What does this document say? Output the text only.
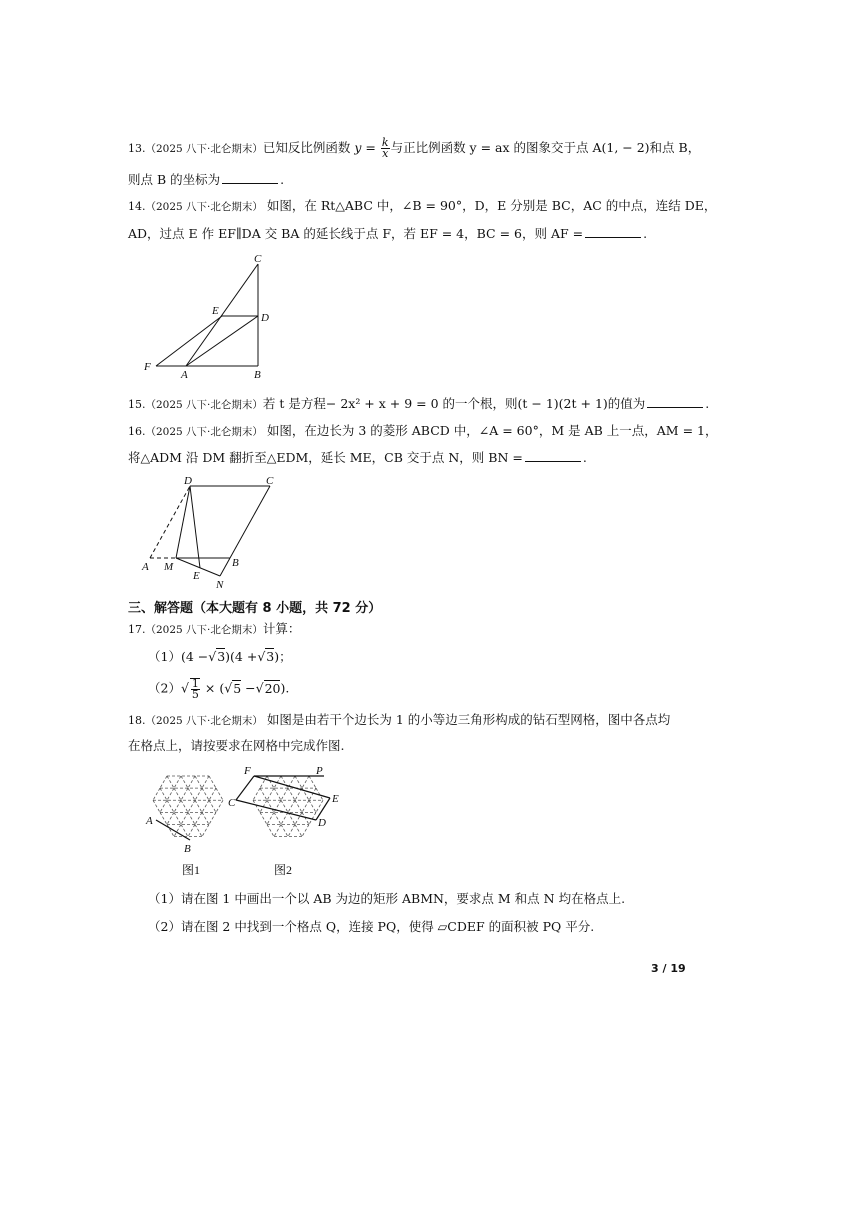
13.（2025 八下·北仑期末）已知反比例函数 $y = \frac{k}{x}$ 与正比例函数 y = ax 的图象交于点 A(1, − 2)和点 B，
则点 B 的坐标为	.
14.（2025 八下·北仑期末） 如图，在 Rt△ABC 中，∠B = 90°，D，E 分别是 BC，AC 的中点，连结 DE，
AD，过点 E 作 EF∥DA 交 BA 的延长线于点 F，若 EF = 4，BC = 6，则 AF =	.
C
E
D
F
A	B
15.（2025 八下·北仑期末）若 t 是方程− 2x² + x + 9 = 0 的一个根，则(t − 1)(2t + 1)的值为	.
16.（2025 八下·北仑期末） 如图，在边长为 3 的菱形 ABCD 中，∠A = 60°，M 是 AB 上一点，AM = 1，
将△ADM 沿 DM 翻折至△EDM，延长 ME，CB 交于点 N，则 BN =	.
D	C
A M
E
N
B
三、解答题（本大题有 8 小题，共 72 分）
17.（2025 八下·北仑期末）计算：
（1）(4 −√3)(4 +√3)；
$(2)√ \frac{1}{5} \times (√5 -√20)$.
18.（2025 八下·北仑期末） 如图是由若干个边长为 1 的小等边三角形构成的钻石型网格，图中各点均
在格点上，请按要求在网格中完成作图.
A
B
C
D
E
F	P
图1	图2
（1）请在图 1 中画出一个以 AB 为边的矩形 ABMN，要求点 M 和点 N 均在格点上.
（2）请在图 2 中找到一个格点 Q，连接 PQ，使得 ▱CDEF 的面积被 PQ 平分.
3 / 19
